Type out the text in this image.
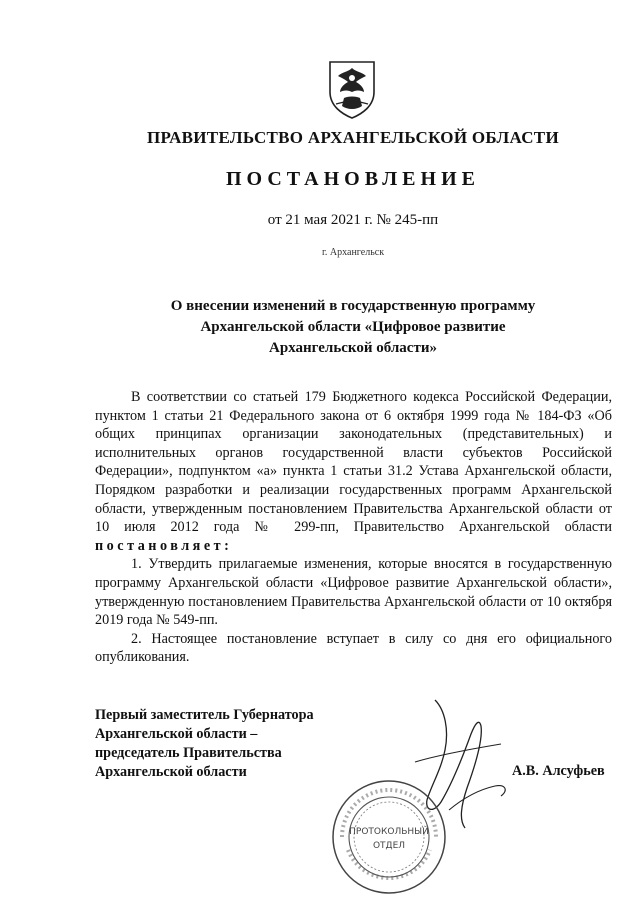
ПРАВИТЕЛЬСТВО АРХАНГЕЛЬСКОЙ ОБЛАСТИ
ПОСТАНОВЛЕНИЕ
от 21 мая 2021 г. № 245-пп
г. Архангельск
О внесении изменений в государственную программу
Архангельской области «Цифровое развитие
Архангельской области»

В соответствии со статьей 179 Бюджетного кодекса Российской Федерации, пунктом 1 статьи 21 Федерального закона от 6 октября 1999 года № 184-ФЗ «Об общих принципах организации законодательных (представительных) и исполнительных органов государственной власти субъектов Российской Федерации», подпунктом «а» пункта 1 статьи 31.2 Устава Архангельской области, Порядком разработки и реализации государственных программ Архангельской области, утвержденным постановлением Правительства Архангельской области от 10 июля 2012 года № 299-пп, Правительство Архангельской области постановляет:

1. Утвердить прилагаемые изменения, которые вносятся в государственную программу Архангельской области «Цифровое развитие Архангельской области», утвержденную постановлением Правительства Архангельской области от 10 октября 2019 года № 549-пп.

2. Настоящее постановление вступает в силу со дня его официального опубликования.

Первый заместитель Губернатора
Архангельской области –
председатель Правительства
Архангельской области
ПРОТОКОЛЬНЫЙ
ОТДЕЛ
А.В. Алсуфьев
